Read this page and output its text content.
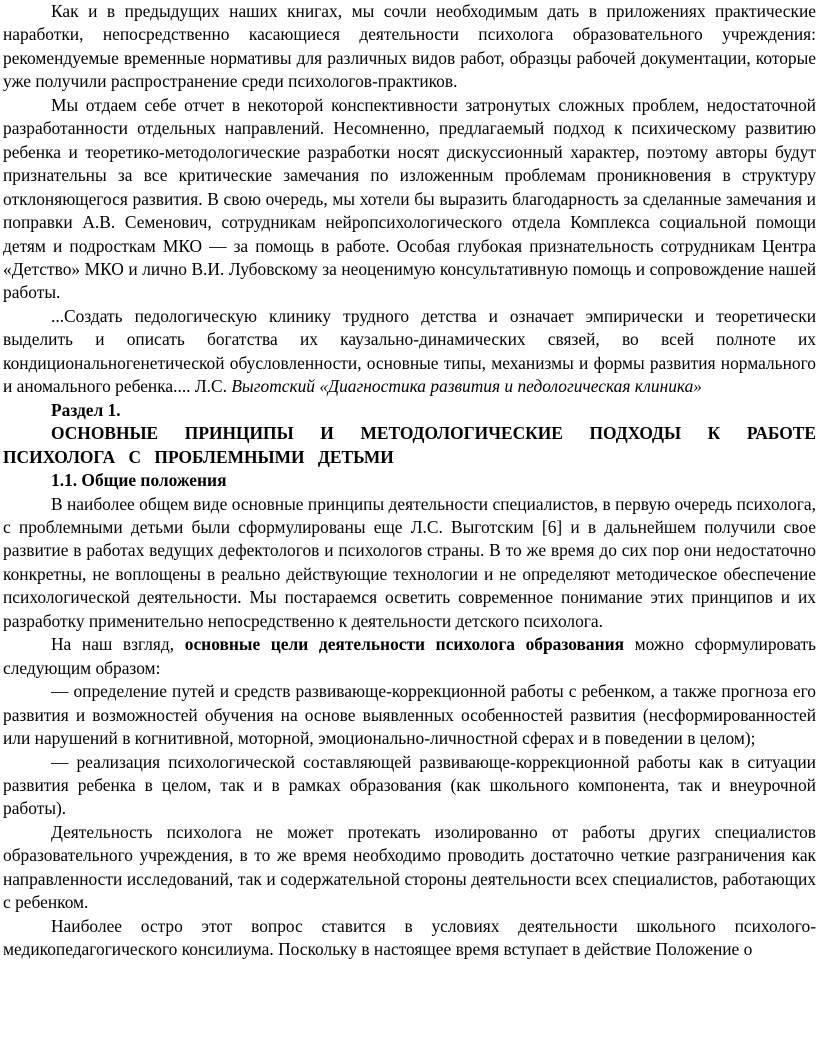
Как и в предыдущих наших книгах, мы сочли необходимым дать в приложениях практические наработки, непосредственно касающиеся деятельности психолога образовательного учреждения: рекомендуемые временные нормативы для различных видов работ, образцы рабочей документации, которые уже получили распространение среди психологов-практиков.
Мы отдаем себе отчет в некоторой конспективности затронутых сложных проблем, недостаточной разработанности отдельных направлений. Несомненно, предлагаемый подход к психическому развитию ребенка и теоретико-методологические разработки носят дискуссионный характер, поэтому авторы будут признательны за все критические замечания по изложенным проблемам проникновения в структуру отклоняющегося развития. В свою очередь, мы хотели бы выразить благодарность за сделанные замечания и поправки А.В. Семенович, сотрудникам нейропсихологического отдела Комплекса социальной помощи детям и подросткам МКО — за помощь в работе. Особая глубокая признательность сотрудникам Центра «Детство» МКО и лично В.И. Лубовскому за неоценимую консультативную помощь и сопровождение нашей работы.
...Создать педологическую клинику трудного детства и означает эмпирически и теоретически выделить и описать богатства их каузально-динамических связей, во всей полноте их кондициональногенетической обусловленности, основные типы, механизмы и формы развития нормального и аномального ребенка.... Л.С. Выготский «Диагностика развития и педологическая клиника»
Раздел 1.
ОСНОВНЫЕ ПРИНЦИПЫ И МЕТОДОЛОГИЧЕСКИЕ ПОДХОДЫ К РАБОТЕ ПСИХОЛОГА С ПРОБЛЕМНЫМИ ДЕТЬМИ
1.1. Общие положения
В наиболее общем виде основные принципы деятельности специалистов, в первую очередь психолога, с проблемными детьми были сформулированы еще Л.С. Выготским [6] и в дальнейшем получили свое развитие в работах ведущих дефектологов и психологов страны. В то же время до сих пор они недостаточно конкретны, не воплощены в реально действующие технологии и не определяют методическое обеспечение психологической деятельности. Мы постараемся осветить современное понимание этих принципов и их разработку применительно непосредственно к деятельности детского психолога.
На наш взгляд, основные цели деятельности психолога образования можно сформулировать следующим образом:
— определение путей и средств развивающе-коррекционной работы с ребенком, а также прогноза его развития и возможностей обучения на основе выявленных особенностей развития (несформированностей или нарушений в когнитивной, моторной, эмоционально-личностной сферах и в поведении в целом);
— реализация психологической составляющей развивающе-коррекционной работы как в ситуации развития ребенка в целом, так и в рамках образования (как школьного компонента, так и внеурочной работы).
Деятельность психолога не может протекать изолированно от работы других специалистов образовательного учреждения, в то же время необходимо проводить достаточно четкие разграничения как направленности исследований, так и содержательной стороны деятельности всех специалистов, работающих с ребенком.
Наиболее остро этот вопрос ставится в условиях деятельности школьного психолого-медикопедагогического консилиума. Поскольку в настоящее время вступает в действие Положение о
